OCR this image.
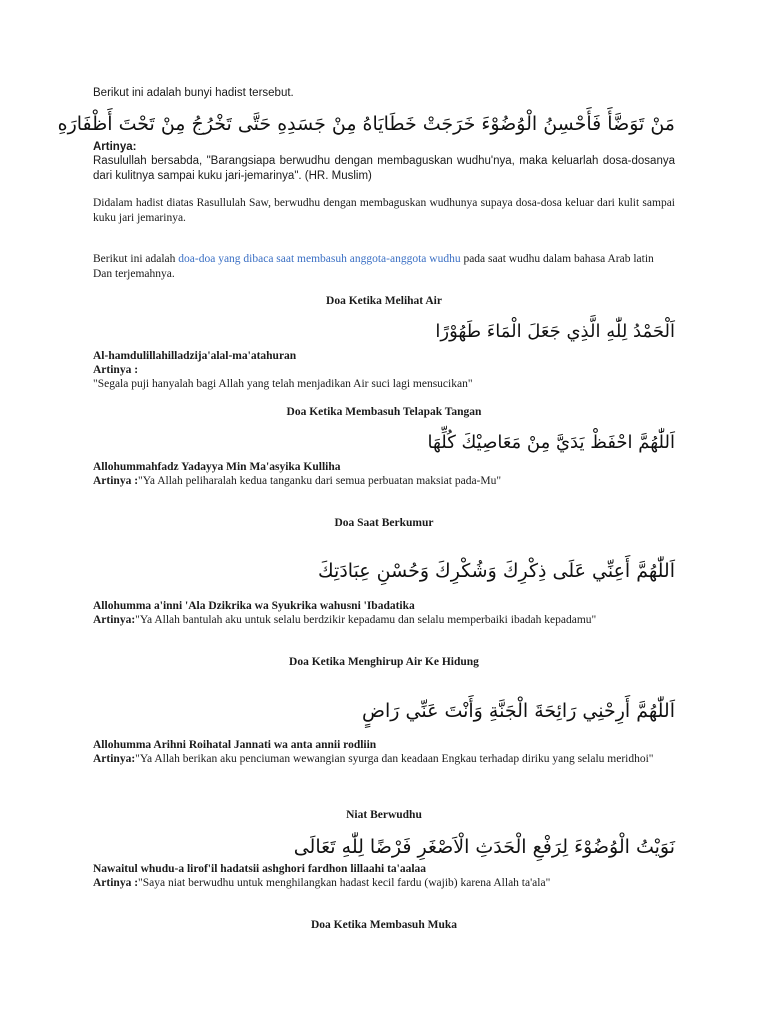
Berikut ini adalah bunyi hadist tersebut.
مَنْ تَوَضَّأَ فَأَحْسِنُ الْوُضُوْءَ خَرَجَتْ خَطَايَاهُ مِنْ جَسَدِهِ حَتَّى تَخْرُجُ مِنْ تَحْتَ أَظْفَارَهِ
Artinya:
Rasulullah bersabda, "Barangsiapa berwudhu dengan membaguskan wudhu'nya, maka keluarlah dosa-dosanya dari kulitnya sampai kuku jari-jemarinya". (HR. Muslim)
Didalam hadist diatas Rasullulah Saw, berwudhu dengan membaguskan wudhunya supaya dosa-dosa keluar dari kulit sampai kuku jari jemarinya.
Berikut ini adalah doa-doa yang dibaca saat membasuh anggota-anggota wudhu pada saat wudhu dalam bahasa Arab latin Dan terjemahnya.
Doa Ketika Melihat Air
اَلْحَمْدُ لِلّٰهِ الَّذِي جَعَلَ الْمَاءَ طَهُوْرًا
Al-hamdulillahilladzija'alal-ma'atahuran
Artinya :
"Segala puji hanyalah bagi Allah yang telah menjadikan Air suci lagi mensucikan"
Doa Ketika Membasuh Telapak Tangan
اَللّٰهُمَّ احْفَظْ يَدَيَّ مِنْ مَعَاصِيْكَ كُلِّهَا
Allohummahfadz Yadayya Min Ma'asyika Kulliha
Artinya :"Ya Allah peliharalah kedua tanganku dari semua perbuatan maksiat pada-Mu"
Doa Saat Berkumur
اَللّٰهُمَّ أَعِنِّي عَلَى ذِكْرِكَ وَشُكْرِكَ وَحُسْنِ عِبَادَتِكَ
Allohumma a'inni 'Ala Dzikrika wa Syukrika wahusni 'Ibadatika
Artinya:"Ya Allah bantulah aku untuk selalu berdzikir kepadamu dan selalu memperbaiki ibadah kepadamu"
Doa Ketika Menghirup Air Ke Hidung
اَللّٰهُمَّ أَرِحْنِي رَائِحَةَ الْجَنَّةِ وَأَنْتَ عَنِّي رَاضٍ
Allohumma Arihni Roihatal Jannati wa anta annii rodliin
Artinya:"Ya Allah berikan aku penciuman wewangian syurga dan keadaan Engkau terhadap diriku yang selalu meridhoi"
Niat Berwudhu
نَوَيْتُ الْوُضُوْءَ لِرَفْعِ الْحَدَثِ الْاَصْغَرِ فَرْضًا لِلّٰهِ تَعَالَى
Nawaitul whudu-a lirof'il hadatsii ashghori fardhon lillaahi ta'aalaa
Artinya :"Saya niat berwudhu untuk menghilangkan hadast kecil fardu (wajib) karena Allah ta'ala"
Doa Ketika Membasuh Muka
